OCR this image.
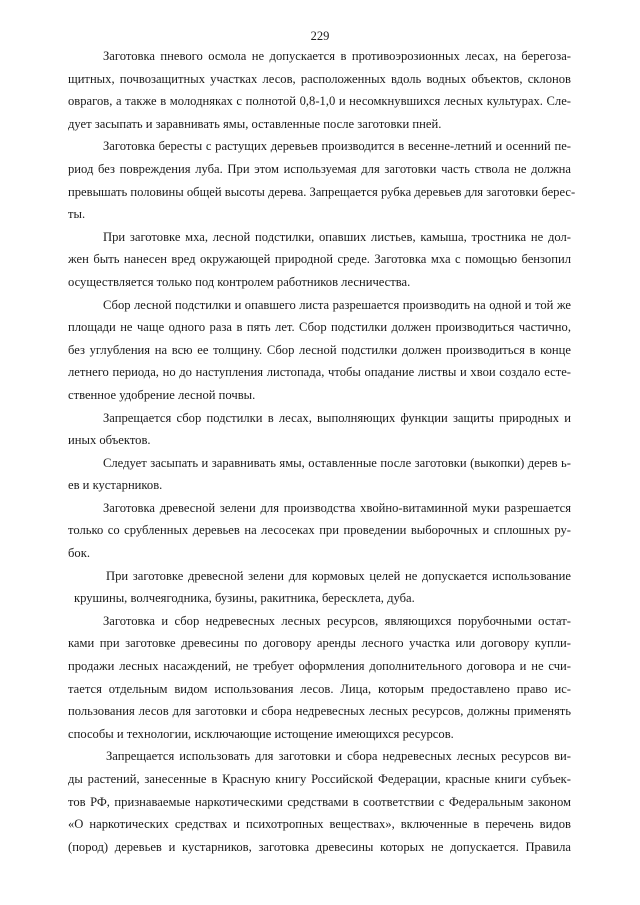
229
Заготовка пневого осмола не допускается в противоэрозионных лесах, на берегоза-
щитных, почвозащитных участках лесов, расположенных вдоль водных объектов, склонов
оврагов, а также в молодняках с полнотой 0,8-1,0 и несомкнувшихся лесных культурах. Сле-
дует засыпать и заравнивать ямы, оставленные после заготовки пней.
Заготовка бересты с растущих деревьев производится в весенне-летний и осенний пе-
риод без повреждения луба. При этом используемая для заготовки часть ствола не должна
превышать половины общей высоты дерева. Запрещается рубка деревьев для заготовки берес-
ты.
При заготовке мха, лесной подстилки, опавших листьев, камыша, тростника не дол-
жен быть нанесен вред окружающей природной среде. Заготовка мха с помощью бензопил
осуществляется только под контролем работников лесничества.
Сбор лесной подстилки и опавшего листа разрешается производить на одной и той же
площади не чаще одного раза в пять лет. Сбор подстилки должен производиться частично,
без углубления на всю ее толщину. Сбор лесной подстилки должен производиться в конце
летнего периода, но до наступления листопада, чтобы опадание листвы и хвои создало есте-
ственное удобрение лесной почвы.
Запрещается сбор подстилки в лесах, выполняющих функции защиты природных и
иных объектов.
Следует засыпать и заравнивать ямы, оставленные после заготовки (выкопки) дерев ь-
ев и кустарников.
Заготовка древесной зелени для производства хвойно-витаминной муки разрешается
только со срубленных деревьев на лесосеках при проведении выборочных и сплошных ру-
бок.
При заготовке древесной зелени для кормовых целей не допускается использование
крушины, волчеягодника, бузины, ракитника, бересклета, дуба.
Заготовка и сбор недревесных лесных ресурсов, являющихся порубочными остат-
ками при заготовке древесины по договору аренды лесного участка или договору купли-
продажи лесных насаждений, не требует оформления дополнительного договора и не счи-
тается отдельным видом использования лесов. Лица, которым предоставлено право ис-
пользования лесов для заготовки и сбора недревесных лесных ресурсов, должны применять
способы и технологии, исключающие истощение имеющихся ресурсов.
Запрещается использовать для заготовки и сбора недревесных лесных ресурсов ви-
ды растений, занесенные в Красную книгу Российской Федерации, красные книги субъек-
тов РФ, признаваемые наркотическими средствами в соответствии с Федеральным законом
«О наркотических средствах и психотропных веществах», включенные в перечень видов
(пород) деревьев и кустарников, заготовка древесины которых не допускается. Правила
